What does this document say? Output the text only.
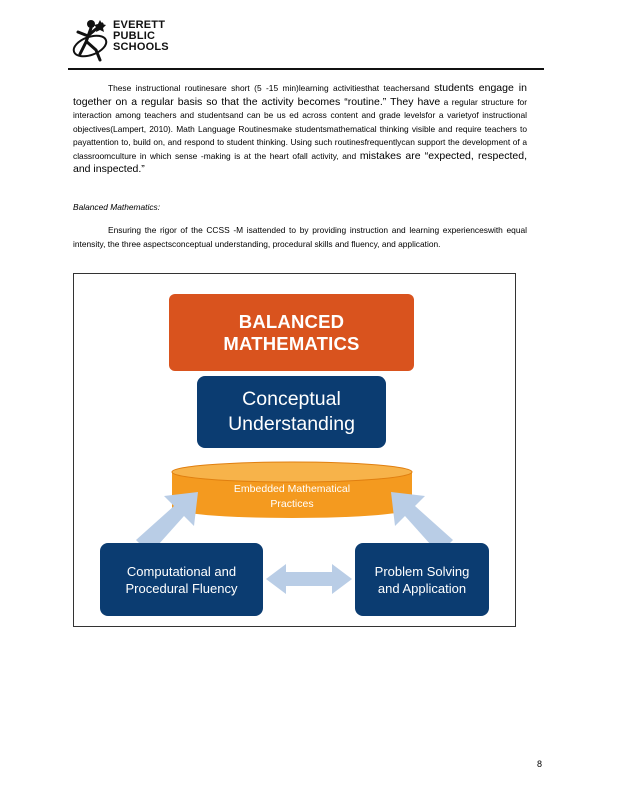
EVERETT
PUBLIC
SCHOOLS
These instructional routinesare short (5 -15 min)learning activitiesthat teachersand students engage in together on a regular basis so that the activity becomes “routine.” They have a regular structure for interaction among teachers and studentsand can be us ed across content and grade levelsfor a varietyof instructional objectives(Lampert, 2010). Math Language Routinesmake studentsmathematical thinking visible and require teachers to payattention to, build on, and respond to student thinking. Using such routinesfrequentlycan support the development of a classroomculture in which sense -making is at the heart ofall activity, and mistakes are “expected, respected, and inspected.”
Balanced Mathematics:
Ensuring the rigor of the CCSS -M isattended to by providing instruction and learning experienceswith equal intensity, the three aspectsconceptual understanding, procedural skills and fluency, and application.
BALANCED MATHEMATICS
Conceptual
Understanding
Embedded Mathematical
Practices
Computational and
Procedural Fluency
Problem Solving
and Application
8
